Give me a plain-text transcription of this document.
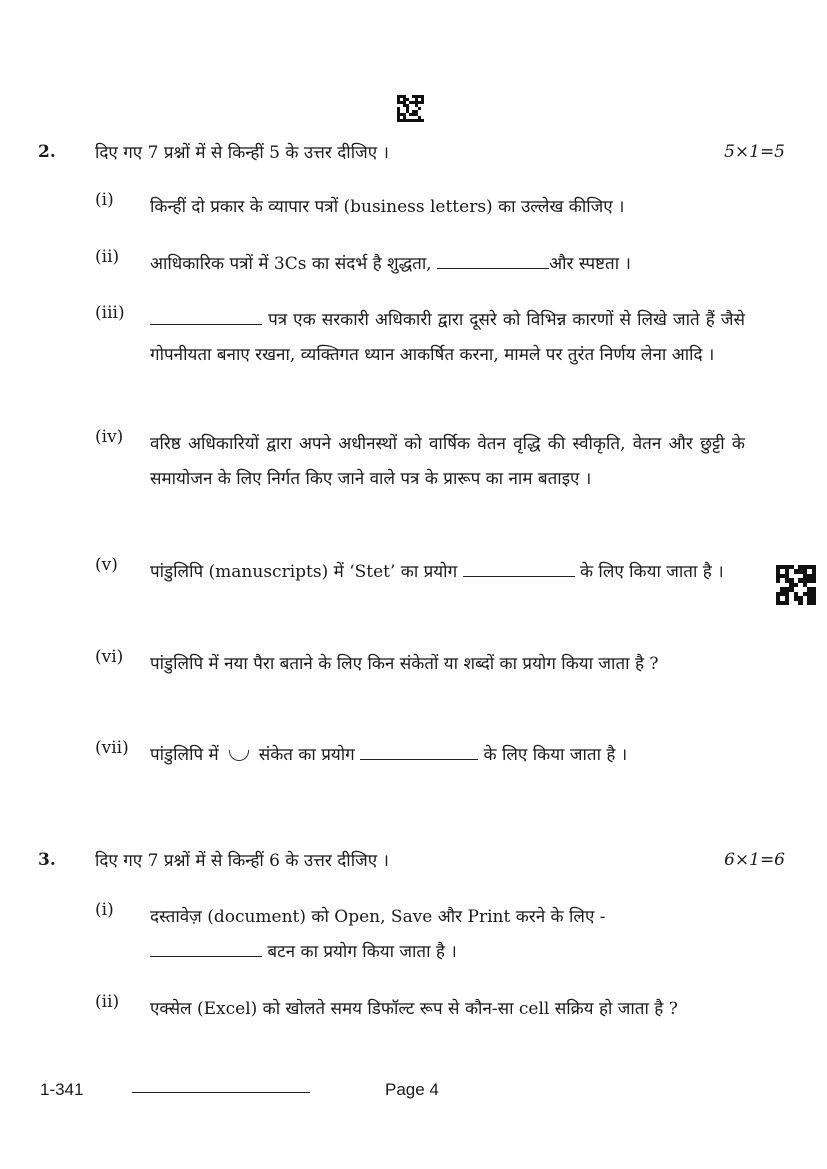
2. दिए गए 7 प्रश्नों में से किन्हीं 5 के उत्तर दीजिए ।	5×1=5
(i) किन्हीं दो प्रकार के व्यापार पत्रों (business letters) का उल्लेख कीजिए ।
(ii) आधिकारिक पत्रों में 3Cs का संदर्भ है शुद्धता,	और स्पष्टता ।
(iii)	पत्र एक सरकारी अधिकारी द्वारा दूसरे को विभिन्न कारणों से लिखे जाते हैं जैसे गोपनीयता बनाए रखना, व्यक्तिगत ध्यान आकर्षित करना, मामले पर तुरंत निर्णय लेना आदि ।
(iv) वरिष्ठ अधिकारियों द्वारा अपने अधीनस्थों को वार्षिक वेतन वृद्धि की स्वीकृति, वेतन और छुट्टी के समायोजन के लिए निर्गत किए जाने वाले पत्र के प्रारूप का नाम बताइए ।
(v) पांडुलिपि (manuscripts) में ‘Stet’ का प्रयोग	के लिए किया जाता है ।
(vi) पांडुलिपि में नया पैरा बताने के लिए किन संकेतों या शब्दों का प्रयोग किया जाता है ?
(vii) पांडुलिपि में संकेत का प्रयोग	के लिए किया जाता है ।
3. दिए गए 7 प्रश्नों में से किन्हीं 6 के उत्तर दीजिए ।	6×1=6
(i) दस्तावेज़ (document) को Open, Save और Print करने के लिए -
बटन का प्रयोग किया जाता है ।
(ii) एक्सेल (Excel) को खोलते समय डिफॉल्ट रूप से कौन-सा cell सक्रिय हो जाता है ?
1-341	Page 4
